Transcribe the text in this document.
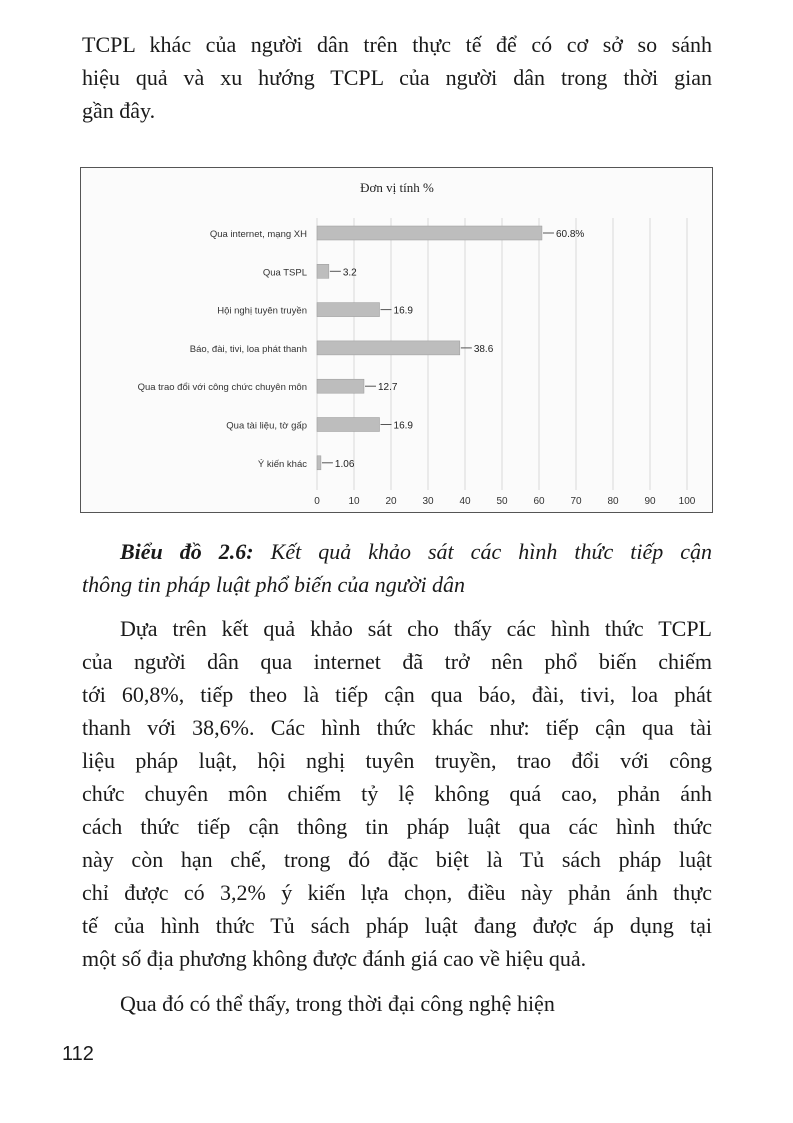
TCPL khác của người dân trên thực tế để có cơ sở so sánh
hiệu quả và xu hướng TCPL của người dân trong thời gian
gần đây.
Dựa trên kết quả khảo sát cho thấy các hình thức TCPL
của người dân qua internet đã trở nên phổ biến chiếm
tới 60,8%, tiếp theo là tiếp cận qua báo, đài, tivi, loa phát
thanh với 38,6%. Các hình thức khác như: tiếp cận qua tài
liệu pháp luật, hội nghị tuyên truyền, trao đổi với công
chức chuyên môn chiếm tỷ lệ không quá cao, phản ánh
cách thức tiếp cận thông tin pháp luật qua các hình thức
này còn hạn chế, trong đó đặc biệt là Tủ sách pháp luật
chỉ được có 3,2% ý kiến lựa chọn, điều này phản ánh thực
tế của hình thức Tủ sách pháp luật đang được áp dụng tại
một số địa phương không được đánh giá cao về hiệu quả.
Qua đó có thể thấy, trong thời đại công nghệ hiện
Đơn vị tính %
0	10	20	30	40	50	60	70	80	90 100
Qua internet, mạng XH	60.8%
Qua TSPL	3.2
Hội nghị tuyên truyền	16.9
Báo, đài, tivi, loa phát thanh	38.6
Qua trao đổi với công chức chuyên môn	12.7
Qua tài liệu, tờ gấp	16.9
Ý kiến khác	1.06
Biểu đồ 2.6: Kết quả khảo sát các hình thức tiếp cận
thông tin pháp luật phổ biến của người dân
112
